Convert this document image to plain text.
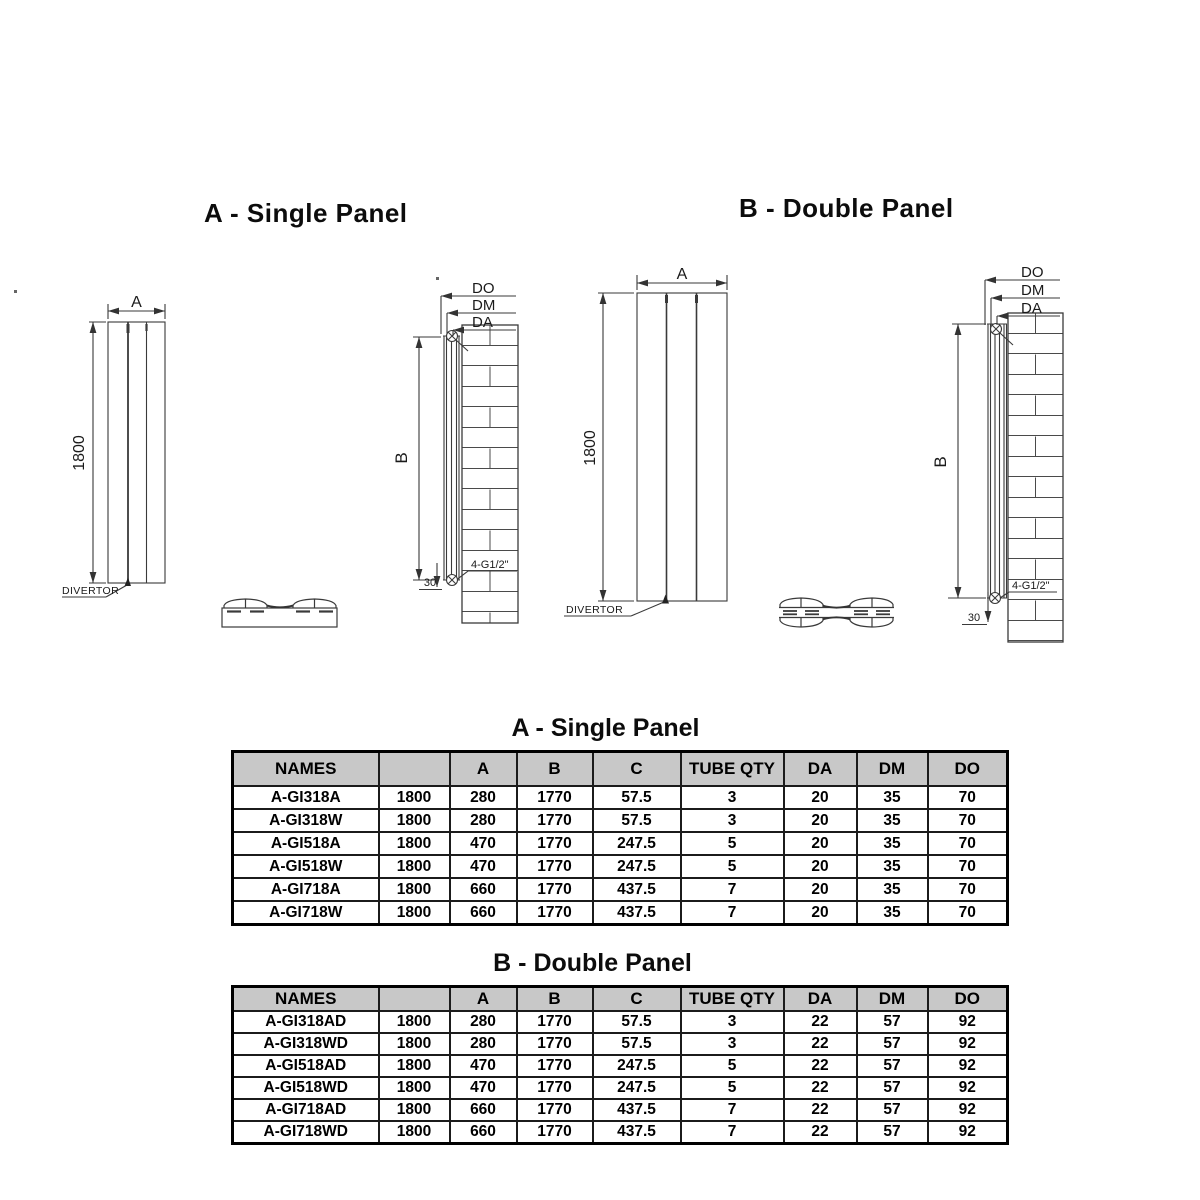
A - Single Panel	B - Double Panel
A
1800
DIVERTOR
DO
DM
DA
B
30
4-G1/2"
A
1800
DIVERTOR
DO
DM
DA
B
30
4-G1/2"
A - Single Panel
NAMES		A	B	C	TUBE QTY	DA	DM	DO
A-GI318A	1800	280	1770	57.5	3	20	35	70
A-GI318W	1800	280	1770	57.5	3	20	35	70
A-GI518A	1800	470	1770	247.5	5	20	35	70
A-GI518W	1800	470	1770	247.5	5	20	35	70
A-GI718A	1800	660	1770	437.5	7	20	35	70
A-GI718W	1800	660	1770	437.5	7	20	35	70
B - Double Panel
NAMES		A	B	C	TUBE QTY	DA	DM	DO
A-GI318AD	1800	280	1770	57.5	3	22	57	92
A-GI318WD	1800	280	1770	57.5	3	22	57	92
A-GI518AD	1800	470	1770	247.5	5	22	57	92
A-GI518WD	1800	470	1770	247.5	5	22	57	92
A-GI718AD	1800	660	1770	437.5	7	22	57	92
A-GI718WD	1800	660	1770	437.5	7	22	57	92
